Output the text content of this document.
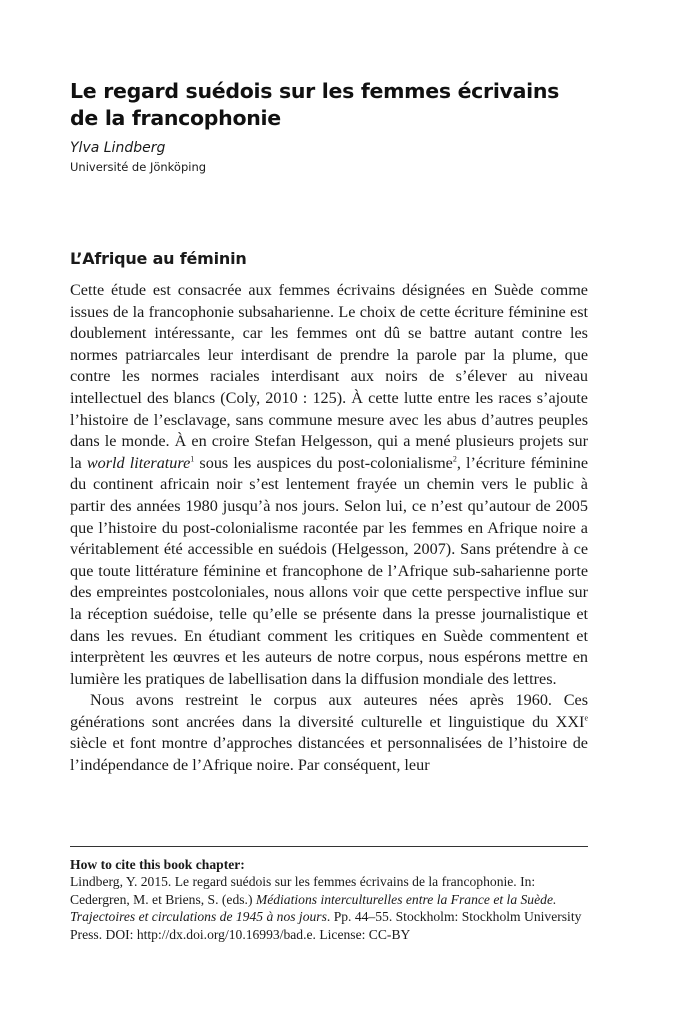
Le regard suédois sur les femmes écrivains de la francophonie
Ylva Lindberg
Université de Jönköping
L’Afrique au féminin

Cette étude est consacrée aux femmes écrivains désignées en Suède comme issues de la francophonie subsaharienne. Le choix de cette écriture féminine est doublement intéressante, car les femmes ont dû se battre autant contre les normes patriarcales leur interdisant de prendre la parole par la plume, que contre les normes raciales interdisant aux noirs de s’élever au niveau intellectuel des blancs (Coly, 2010 : 125). À cette lutte entre les races s’ajoute l’histoire de l’esclavage, sans commune mesure avec les abus d’autres peuples dans le monde. À en croire Stefan Helgesson, qui a mené plusieurs projets sur la world literature$^1$ sous les auspices du post-colonialisme$^2$, l’écriture féminine du continent africain noir s’est lentement frayée un chemin vers le public à partir des années 1980 jusqu’à nos jours. Selon lui, ce n’est qu’autour de 2005 que l’histoire du post-colonialisme racontée par les femmes en Afrique noire a véritablement été accessible en suédois (Helgesson, 2007). Sans prétendre à ce que toute littérature féminine et francophone de l’Afrique sub-saharienne porte des empreintes postcoloniales, nous allons voir que cette perspective influe sur la réception suédoise, telle qu’elle se présente dans la presse journalistique et dans les revues. En étudiant comment les critiques en Suède commentent et interprètent les œuvres et les auteurs de notre corpus, nous espérons mettre en lumière les pratiques de labellisation dans la diffusion mondiale des lettres.

Nous avons restreint le corpus aux auteures nées après 1960. Ces générations sont ancrées dans la diversité culturelle et linguistique du XXIe siècle et font montre d’approches distancées et personnalisées de l’histoire de l’indépendance de l’Afrique noire. Par conséquent, leur

How to cite this book chapter:
Lindberg, Y. 2015. Le regard suédois sur les femmes écrivains de la francophonie. In: Cedergren, M. et Briens, S. (eds.) Médiations interculturelles entre la France et la Suède. Trajectoires et circulations de 1945 à nos jours. Pp. 44–55. Stockholm: Stockholm University Press. DOI: http://dx.doi.org/10.16993/bad.e. License: CC-BY
